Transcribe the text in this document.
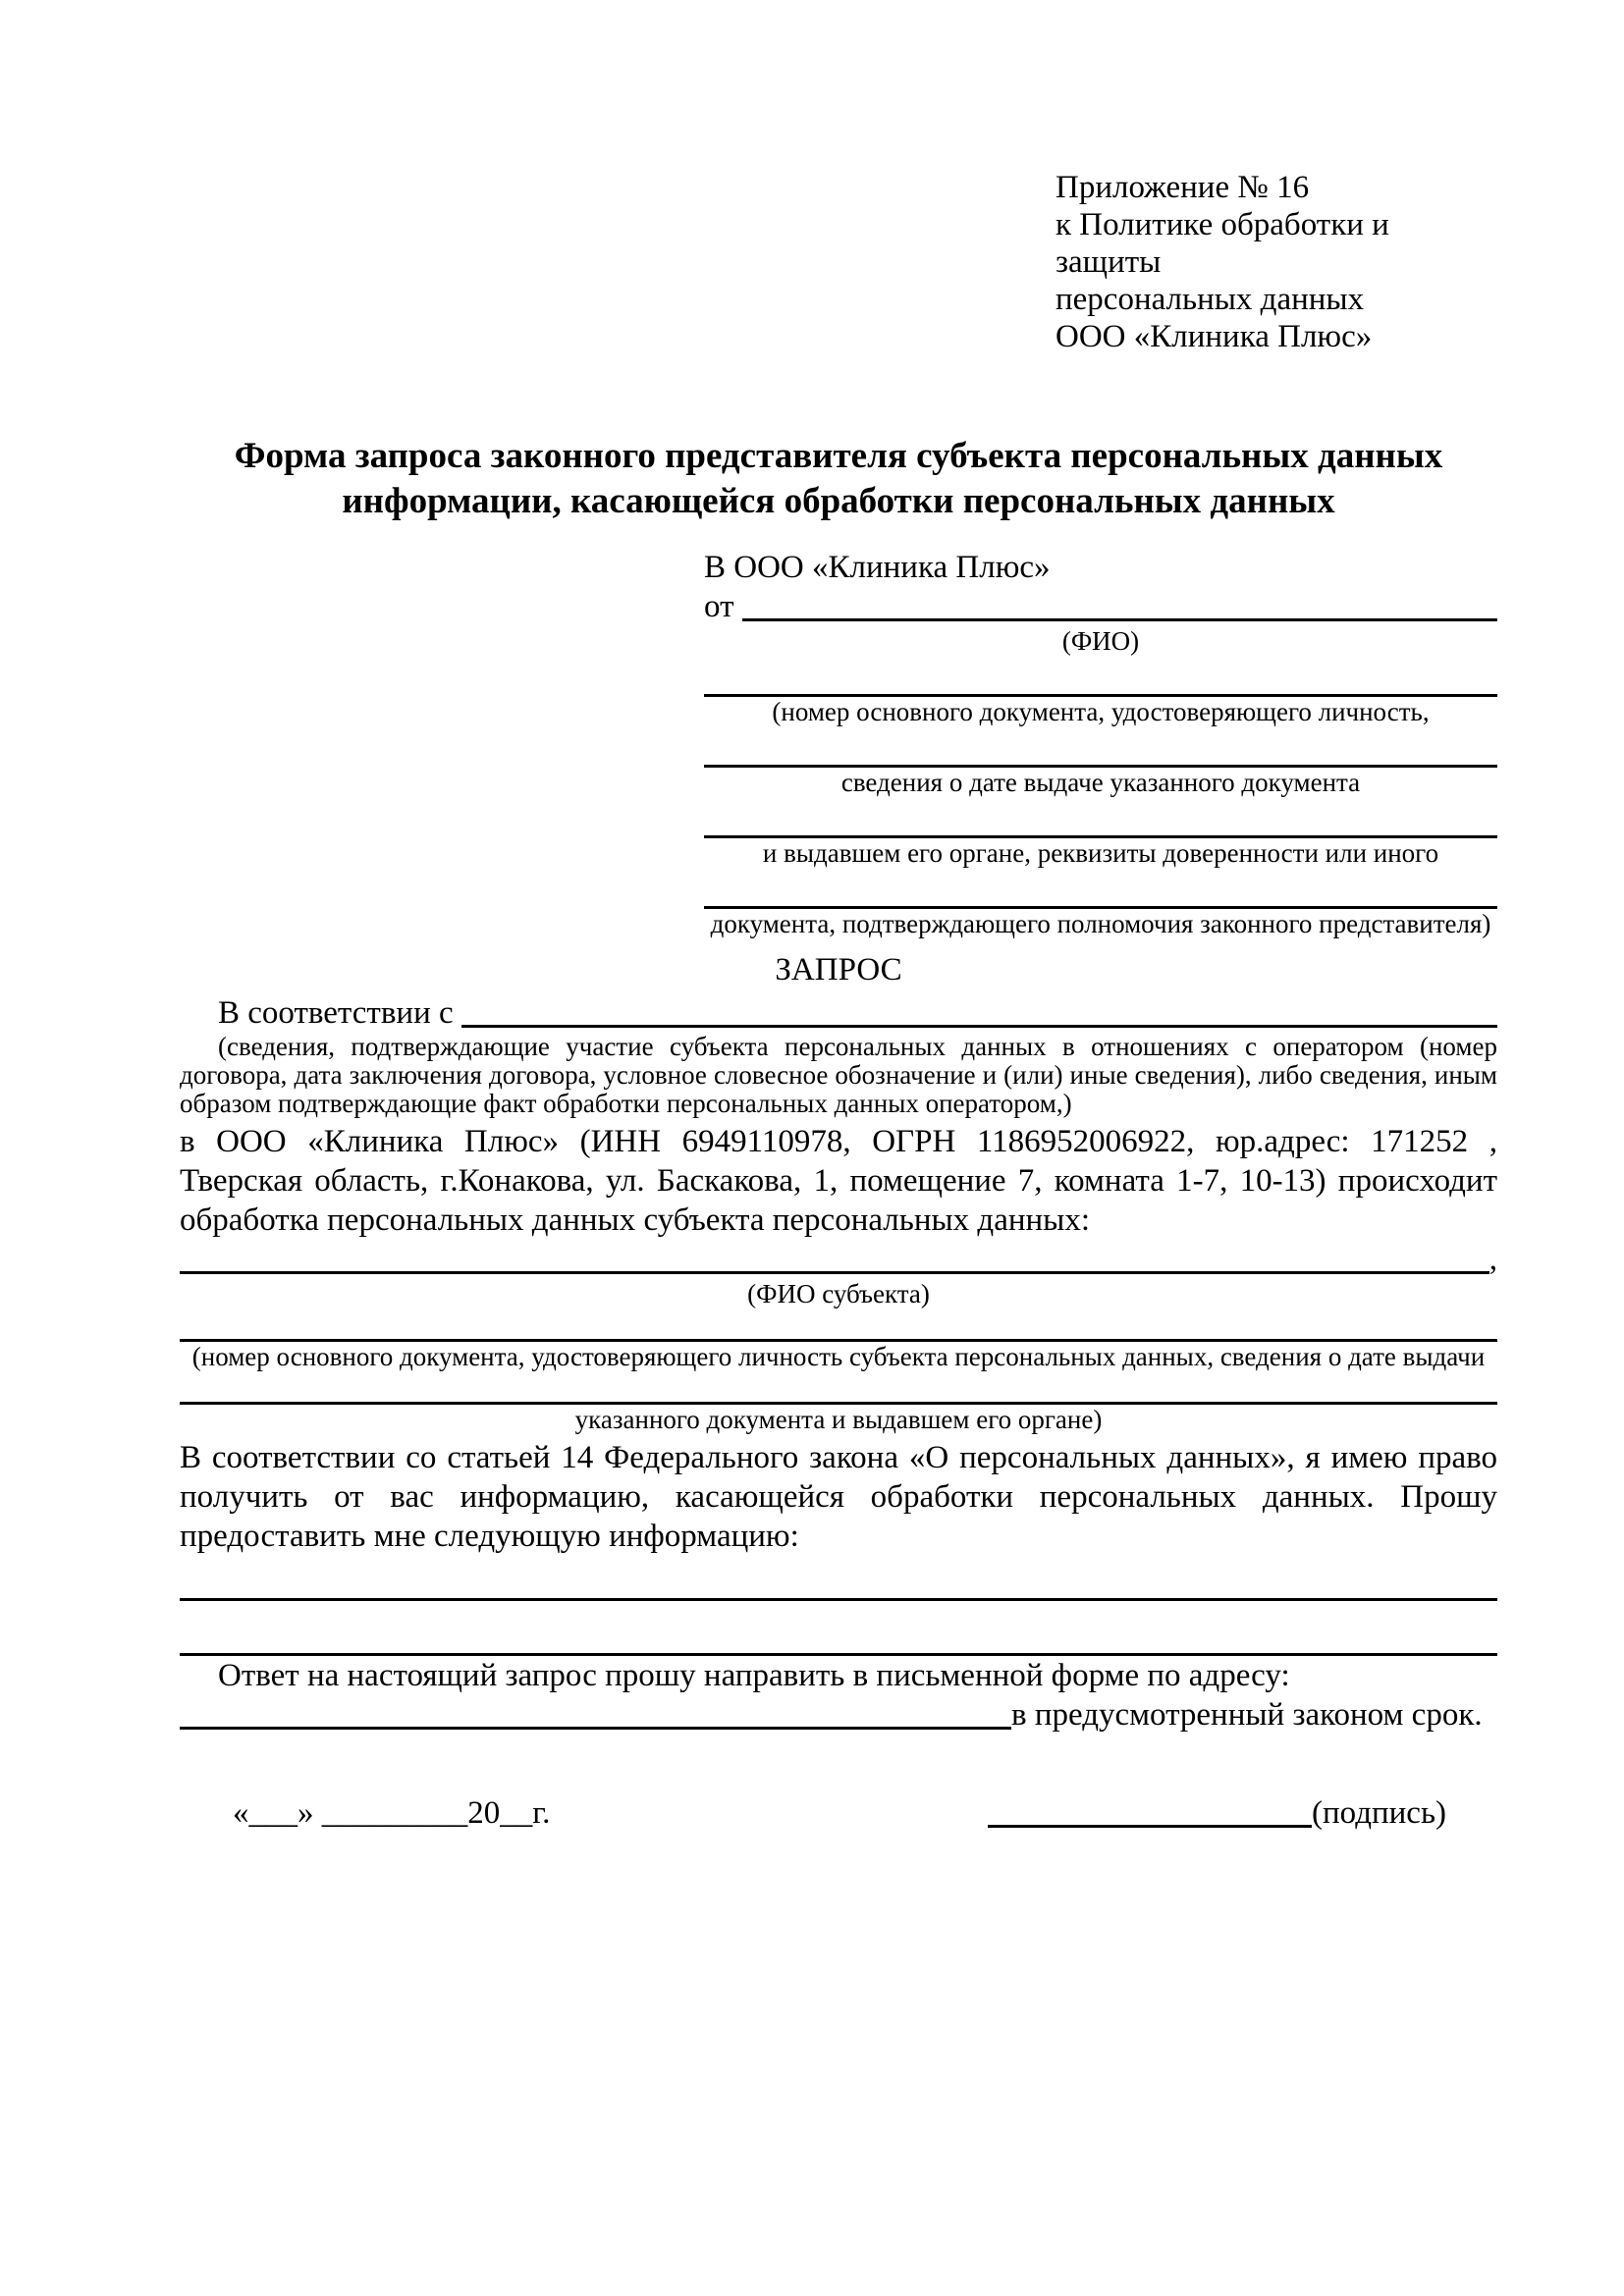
Приложение № 16
к Политике обработки и защиты
персональных данных
ООО «Клиника Плюс»
Форма запроса законного представителя субъекта персональных данных
информации, касающейся обработки персональных данных
В ООО «Клиника Плюс»
от
(ФИО)
(номер основного документа, удостоверяющего личность,
сведения о дате выдаче указанного документа
и выдавшем его органе, реквизиты доверенности или иного
документа, подтверждающего полномочия законного представителя)
ЗАПРОС
В соответствии с
(сведения, подтверждающие участие субъекта персональных данных в отношениях с оператором (номер договора, дата заключения договора, условное словесное обозначение и (или) иные сведения), либо сведения, иным образом подтверждающие факт обработки персональных данных оператором,)

в ООО «Клиника Плюс» (ИНН 6949110978, ОГРН 1186952006922, юр.адрес: 171252 , Тверская область, г.Конакова, ул. Баскакова, 1, помещение 7, комната 1-7, 10-13) происходит обработка персональных данных субъекта персональных данных:

,
(ФИО субъекта)
(номер основного документа, удостоверяющего личность субъекта персональных данных, сведения о дате выдачи
указанного документа и выдавшем его органе)

В соответствии со статьей 14 Федерального закона «О персональных данных», я имею право получить от вас информацию, касающейся обработки персональных данных. Прошу предоставить мне следующую информацию:

Ответ на настоящий запрос прошу направить в письменной форме по адресу:

в предусмотренный законом срок.
«___» _________20__г.	(подпись)
